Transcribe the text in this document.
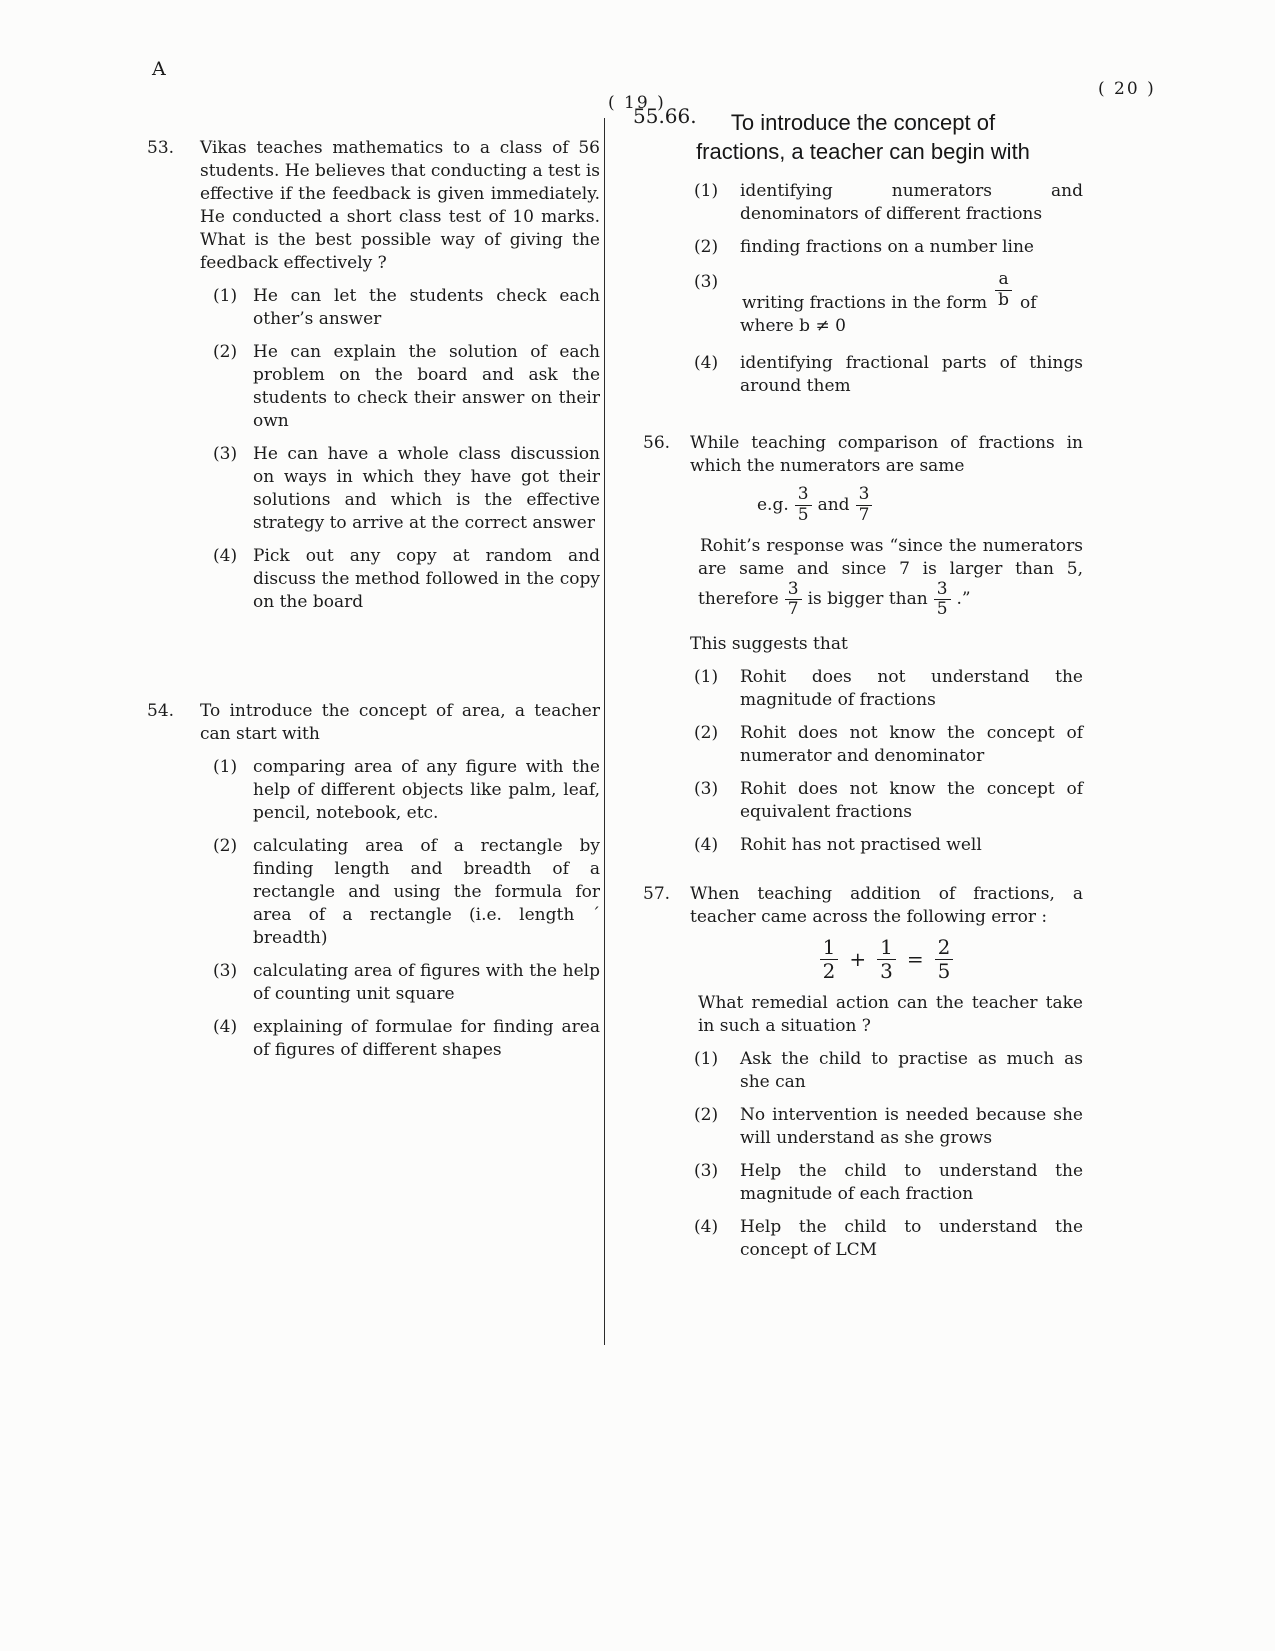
A
( 19 )
( 20 )
55.66.
53.	Vikas teaches mathematics to a class of 56 students. He believes that conducting a test is effective if the feedback is given immediately. He conducted a short class test of 10 marks. What is the best possible way of giving the feedback effectively ?
(1) He can let the students check each other’s answer
(2) He can explain the solution of each problem on the board and ask the students to check their answer on their own
(3) He can have a whole class discussion on ways in which they have got their solutions and which is the effective strategy to arrive at the correct answer
(4) Pick out any copy at random and discuss the method followed in the copy on the board
54.	To introduce the concept of area, a teacher can start with
(1) comparing area of any figure with the help of different objects like palm, leaf, pencil, notebook, etc.
(2) calculating area of a rectangle by finding length and breadth of a rectangle and using the formula for area of a rectangle (i.e. length ´ breadth)
(3) calculating area of figures with the help of counting unit square
(4) explaining of formulae for finding area of figures of different shapes
To introduce the concept of
fractions, a teacher can begin with
(1)	identifying numerators and denominators of different fractions
(2)	finding fractions on a number line
(3)
writing fractions in the form $\frac{a}{b}$ of
where b ≠ 0
(4)	identifying fractional parts of things around them
56.	While teaching comparison of fractions in which the numerators are same
e.g. $\frac{3}{5}$ and $\frac{3}{7}$
Rohit’s response was “since the numerators are same and since 7 is larger than 5, therefore $\frac{3}{7}$ is bigger than $\frac{3}{5}$ .”
This suggests that
(1)	Rohit does not understand the magnitude of fractions
(2)	Rohit does not know the concept of numerator and denominator
(3)	Rohit does not know the concept of equivalent fractions
(4)	Rohit has not practised well
57.	When teaching addition of fractions, a teacher came across the following error :
$\frac{1}{2} + \frac{1}{3} = \frac{2}{5}$
What remedial action can the teacher take in such a situation ?
(1)	Ask the child to practise as much as she can
(2)	No intervention is needed because she will understand as she grows
(3)	Help the child to understand the magnitude of each fraction
(4)	Help the child to understand the concept of LCM
